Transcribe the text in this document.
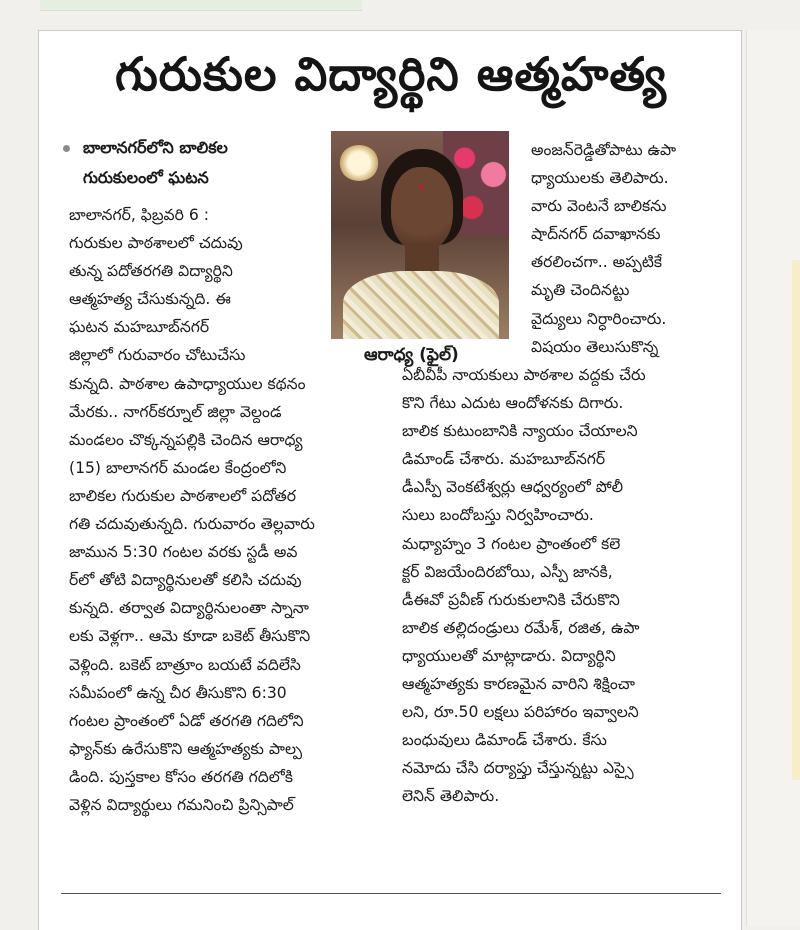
గురుకుల విద్యార్థిని ఆత్మహత్య
బాలానగర్‌లోని బాలికల
గురుకులంలో ఘటన
ఆరాధ్య (ఫైల్)

బాలానగర్, ఫిబ్రవరి 6 :

గురుకుల పాఠశాలలో చదువు

తున్న పదోతరగతి విద్యార్థిని

ఆత్మహత్య చేసుకున్నది. ఈ

ఘటన మహబూబ్‌నగర్

జిల్లాలో గురువారం చోటుచేసు

కున్నది. పాఠశాల ఉపాధ్యాయుల కథనం

మేరకు.. నాగర్‌కర్నూల్ జిల్లా వెల్దండ

మండలం చొక్కన్నపల్లికి చెందిన ఆరాధ్య

(15) బాలానగర్ మండల కేంద్రంలోని

బాలికల గురుకుల పాఠశాలలో పదోతర

గతి చదువుతున్నది. గురువారం తెల్లవారు

జామున 5:30 గంటల వరకు స్టడీ అవ

ర్‌లో తోటి విద్యార్థినులతో కలిసి చదువు

కున్నది. తర్వాత విద్యార్థినులంతా స్నానా

లకు వెళ్లగా.. ఆమె కూడా బకెట్ తీసుకొని

వెళ్లింది. బకెట్ బాత్రూం బయటే వదిలేసి

సమీపంలో ఉన్న చీర తీసుకొని 6:30

గంటల ప్రాంతంలో ఏడో తరగతి గదిలోని

ఫ్యాన్‌కు ఉరేసుకొని ఆత్మహత్యకు పాల్ప

డింది. పుస్తకాల కోసం తరగతి గదిలోకి

వెళ్లిన విద్యార్థులు గమనించి ప్రిన్సిపాల్

అంజన్‌రెడ్డితోపాటు ఉపా

ధ్యాయులకు తెలిపారు.

వారు వెంటనే బాలికను

షాద్‌నగర్ దవాఖానకు

తరలించగా.. అప్పటికే

మృతి చెందినట్టు

వైద్యులు నిర్ధారించారు.

విషయం తెలుసుకొన్న

ఏబీవీపీ నాయకులు పాఠశాల వద్దకు చేరు

కొని గేటు ఎదుట ఆందోళనకు దిగారు.

బాలిక కుటుంబానికి న్యాయం చేయాలని

డిమాండ్ చేశారు. మహబూబ్‌నగర్

డీఎస్పీ వెంకటేశ్వర్లు ఆధ్వర్యంలో పోలీ

సులు బందోబస్తు నిర్వహించారు.

మధ్యాహ్నం 3 గంటల ప్రాంతంలో కలె

క్టర్ విజయేందిరబోయి, ఎస్పీ జానకి,

డీఈవో ప్రవీణ్ గురుకులానికి చేరుకొని

బాలిక తల్లిదండ్రులు రమేశ్, రజిత, ఉపా

ధ్యాయులతో మాట్లాడారు. విద్యార్థిని

ఆత్మహత్యకు కారణమైన వారిని శిక్షించా

లని, రూ.50 లక్షలు పరిహారం ఇవ్వాలని

బంధువులు డిమాండ్ చేశారు. కేసు

నమోదు చేసి దర్యాప్తు చేస్తున్నట్టు ఎస్సై

లెనిన్ తెలిపారు.
